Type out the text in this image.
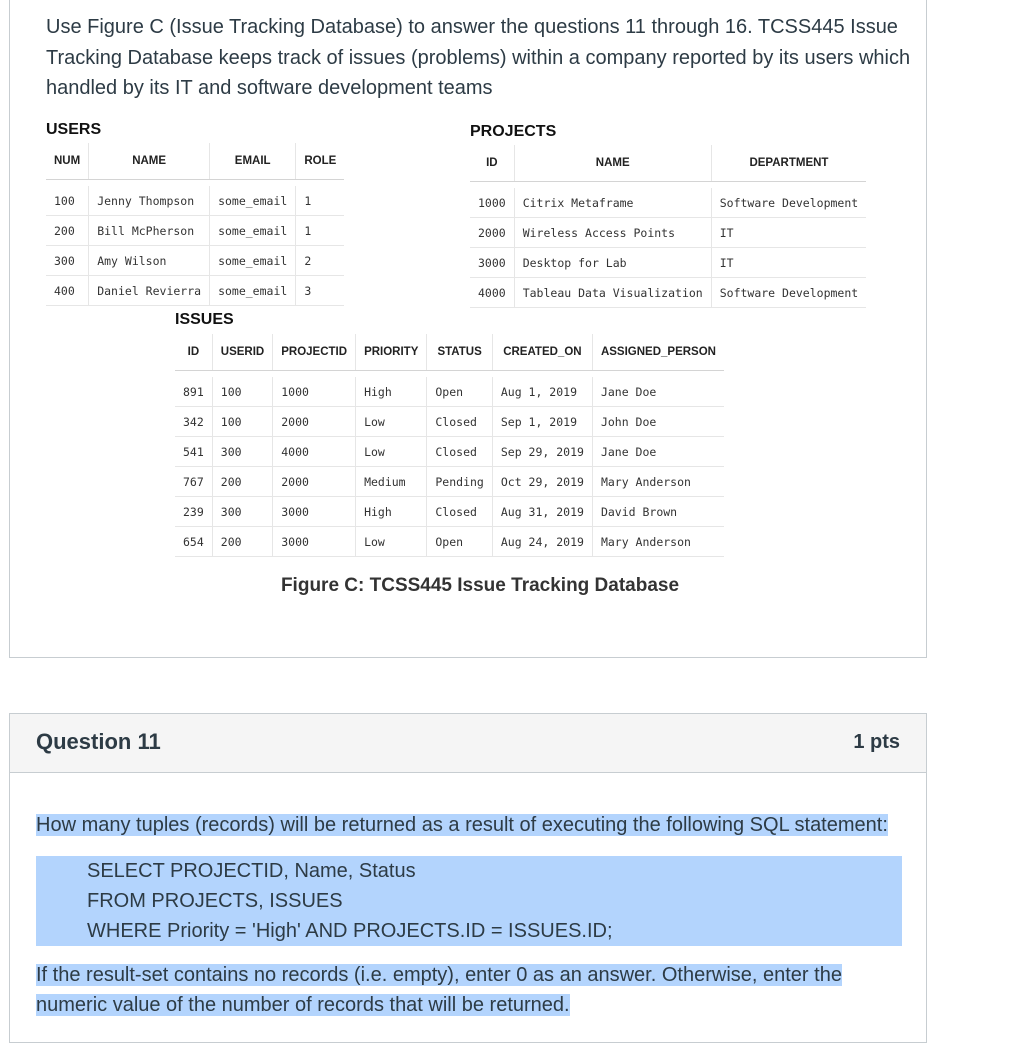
Use Figure C (Issue Tracking Database) to answer the questions 11 through 16. TCSS445 Issue Tracking Database keeps track of issues (problems) within a company reported by its users which handled by its IT and software development teams
USERS
NUM	NAME	EMAIL	ROLE

100	Jenny Thompson	some_email	1
200	Bill McPherson	some_email	1
300	Amy Wilson	some_email	2
400	Daniel Revierra	some_email	3
PROJECTS
ID	NAME	DEPARTMENT

1000	Citrix Metaframe	Software Development
2000	Wireless Access Points	IT
3000	Desktop for Lab	IT
4000	Tableau Data Visualization	Software Development
ISSUES
ID	USERID	PROJECTID	PRIORITY	STATUS	CREATED_ON	ASSIGNED_PERSON

891	100	1000	High	Open	Aug 1, 2019	Jane Doe
342	100	2000	Low	Closed	Sep 1, 2019	John Doe
541	300	4000	Low	Closed	Sep 29, 2019	Jane Doe
767	200	2000	Medium	Pending	Oct 29, 2019	Mary Anderson
239	300	3000	High	Closed	Aug 31, 2019	David Brown
654	200	3000	Low	Open	Aug 24, 2019	Mary Anderson
Figure C: TCSS445 Issue Tracking Database
Question 11	1 pts
How many tuples (records) will be returned as a result of executing the following SQL statement:
SELECT PROJECTID, Name, Status
FROM PROJECTS, ISSUES
WHERE Priority = 'High' AND PROJECTS.ID = ISSUES.ID;
If the result-set contains no records (i.e. empty), enter 0 as an answer. Otherwise, enter the
numeric value of the number of records that will be returned.
